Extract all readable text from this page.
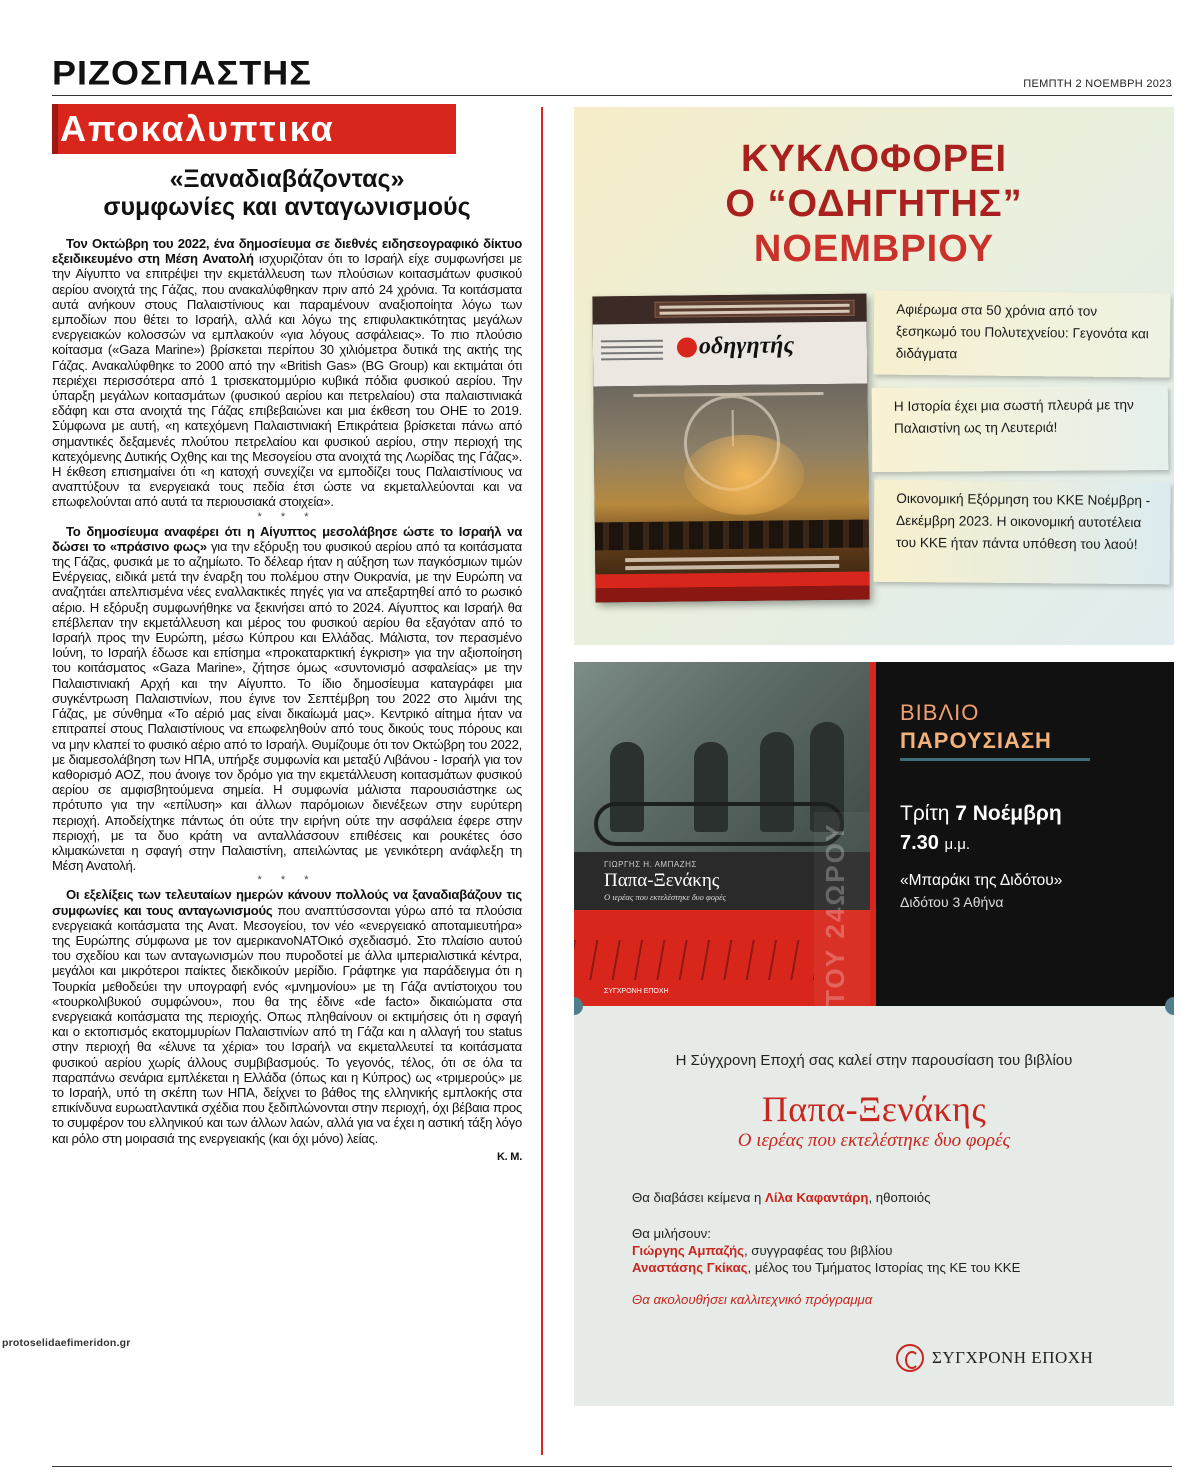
ΡΙΖΟΣΠΑΣΤΗΣ	ΠΕΜΠΤΗ 2 ΝΟΕΜΒΡΗ 2023
Αποκαλυπτικα
«Ξαναδιαβάζοντας»
συμφωνίες και ανταγωνισμούς

Τον Οκτώβρη του 2022, ένα δημοσίευμα σε διεθνές ειδησεογραφικό δίκτυο εξειδικευμένο στη Μέση Ανατολή ισχυριζόταν ότι το Ισραήλ είχε συμφωνήσει με την Αίγυπτο να επιτρέψει την εκμετάλλευση των πλούσιων κοιτασμάτων φυσικού αερίου ανοιχτά της Γάζας, που ανακαλύφθηκαν πριν από 24 χρόνια. Τα κοιτάσματα αυτά ανήκουν στους Παλαιστίνιους και παραμένουν αναξιοποίητα λόγω των εμποδίων που θέτει το Ισραήλ, αλλά και λόγω της επιφυλακτικότητας μεγάλων ενεργειακών κολοσσών να εμπλακούν «για λόγους ασφάλειας». Το πιο πλούσιο κοίτασμα («Gaza Marine») βρίσκεται περίπου 30 χιλιόμετρα δυτικά της ακτής της Γάζας. Ανακαλύφθηκε το 2000 από την «British Gas» (BG Group) και εκτιμάται ότι περιέχει περισσότερα από 1 τρισεκατομμύριο κυβικά πόδια φυσικού αερίου. Την ύπαρξη μεγάλων κοιτασμάτων (φυσικού αερίου και πετρελαίου) στα παλαιστινιακά εδάφη και στα ανοιχτά της Γάζας επιβεβαιώνει και μια έκθεση του ΟΗΕ το 2019. Σύμφωνα με αυτή, «η κατεχόμενη Παλαιστινιακή Επικράτεια βρίσκεται πάνω από σημαντικές δεξαμενές πλούτου πετρελαίου και φυσικού αερίου, στην περιοχή της κατεχόμενης Δυτικής Οχθης και της Μεσογείου στα ανοιχτά της Λωρίδας της Γάζας». Η έκθεση επισημαίνει ότι «η κατοχή συνεχίζει να εμποδίζει τους Παλαιστίνιους να αναπτύξουν τα ενεργειακά τους πεδία έτσι ώστε να εκμεταλλεύονται και να επωφελούνται από αυτά τα περιουσιακά στοιχεία».

* * *

Το δημοσίευμα αναφέρει ότι η Αίγυπτος μεσολάβησε ώστε το Ισραήλ να δώσει το «πράσινο φως» για την εξόρυξη του φυσικού αερίου από τα κοιτάσματα της Γάζας, φυσικά με το αζημίωτο. Το δέλεαρ ήταν η αύξηση των παγκόσμιων τιμών Ενέργειας, ειδικά μετά την έναρξη του πολέμου στην Ουκρανία, με την Ευρώπη να αναζητάει απελπισμένα νέες εναλλακτικές πηγές για να απεξαρτηθεί από το ρωσικό αέριο. Η εξόρυξη συμφωνήθηκε να ξεκινήσει από το 2024. Αίγυπτος και Ισραήλ θα επέβλεπαν την εκμετάλλευση και μέρος του φυσικού αερίου θα εξαγόταν από το Ισραήλ προς την Ευρώπη, μέσω Κύπρου και Ελλάδας. Μάλιστα, τον περασμένο Ιούνη, το Ισραήλ έδωσε και επίσημα «προκαταρκτική έγκριση» για την αξιοποίηση του κοιτάσματος «Gaza Marine», ζήτησε όμως «συντονισμό ασφαλείας» με την Παλαιστινιακή Αρχή και την Αίγυπτο. Το ίδιο δημοσίευμα καταγράφει μια συγκέντρωση Παλαιστινίων, που έγινε τον Σεπτέμβρη του 2022 στο λιμάνι της Γάζας, με σύνθημα «Το αέριό μας είναι δικαίωμά μας». Κεντρικό αίτημα ήταν να επιτραπεί στους Παλαιστίνιους να επωφεληθούν από τους δικούς τους πόρους και να μην κλαπεί το φυσικό αέριο από το Ισραήλ. Θυμίζουμε ότι τον Οκτώβρη του 2022, με διαμεσολάβηση των ΗΠΑ, υπήρξε συμφωνία και μεταξύ Λιβάνου - Ισραήλ για τον καθορισμό ΑΟΖ, που άνοιγε τον δρόμο για την εκμετάλλευση κοιτασμάτων φυσικού αερίου σε αμφισβητούμενα σημεία. Η συμφωνία μάλιστα παρουσιάστηκε ως πρότυπο για την «επίλυση» και άλλων παρόμοιων διενέξεων στην ευρύτερη περιοχή. Αποδείχτηκε πάντως ότι ούτε την ειρήνη ούτε την ασφάλεια έφερε στην περιοχή, με τα δυο κράτη να ανταλλάσσουν επιθέσεις και ρουκέτες όσο κλιμακώνεται η σφαγή στην Παλαιστίνη, απειλώντας με γενικότερη ανάφλεξη τη Μέση Ανατολή.

* * *

Οι εξελίξεις των τελευταίων ημερών κάνουν πολλούς να ξαναδιαβάζουν τις συμφωνίες και τους ανταγωνισμούς που αναπτύσσονται γύρω από τα πλούσια ενεργειακά κοιτάσματα της Ανατ. Μεσογείου, τον νέο «ενεργειακό αποταμιευτήρα» της Ευρώπης σύμφωνα με τον αμερικανοΝΑΤΟικό σχεδιασμό. Στο πλαίσιο αυτού του σχεδίου και των ανταγωνισμών που πυροδοτεί με άλλα ιμπεριαλιστικά κέντρα, μεγάλοι και μικρότεροι παίκτες διεκδικούν μερίδιο. Γράφτηκε για παράδειγμα ότι η Τουρκία μεθοδεύει την υπογραφή ενός «μνημονίου» με τη Γάζα αντίστοιχου του «τουρκολιβυκού συμφώνου», που θα της έδινε «de facto» δικαιώματα στα ενεργειακά κοιτάσματα της περιοχής. Οπως πληθαίνουν οι εκτιμήσεις ότι η σφαγή και ο εκτοπισμός εκατομμυρίων Παλαιστινίων από τη Γάζα και η αλλαγή του status στην περιοχή θα «έλυνε τα χέρια» του Ισραήλ να εκμεταλλευτεί τα κοιτάσματα φυσικού αερίου χωρίς άλλους συμβιβασμούς. Το γεγονός, τέλος, ότι σε όλα τα παραπάνω σενάρια εμπλέκεται η Ελλάδα (όπως και η Κύπρος) ως «τριμερούς» με το Ισραήλ, υπό τη σκέπη των ΗΠΑ, δείχνει το βάθος της ελληνικής εμπλοκής στα επικίνδυνα ευρωατλαντικά σχέδια που ξεδιπλώνονται στην περιοχή, όχι βέβαια προς το συμφέρον του ελληνικού και των άλλων λαών, αλλά για να έχει η αστική τάξη λόγο και ρόλο στη μοιρασιά της ενεργειακής (και όχι μόνο) λείας.

Κ. Μ.

protoselidaefimeridon.gr
ΚΥΚΛΟΦΟΡΕΙ
Ο “ΟΔΗΓΗΤΗΣ”
ΝΟΕΜΒΡΙΟΥ
οδηγητής
Αφιέρωμα στα 50 χρόνια από τον ξεσηκωμό του Πολυτεχνείου: Γεγονότα και διδάγματα
Η Ιστορία έχει μια σωστή πλευρά με την Παλαιστίνη ως τη Λευτεριά!
Οικονομική Εξόρμηση του ΚΚΕ Νοέμβρη - Δεκέμβρη 2023. Η οικονομική αυτοτέλεια του ΚΚΕ ήταν πάντα υπόθεση του λαού!
ΓΙΩΡΓΗΣ Η. ΑΜΠΑΖΗΣ
Παπα-Ξενάκης
Ο ιερέας που εκτελέστηκε δυο φορές
ΣΥΓΧΡΟΝΗ ΕΠΟΧΗ	ΤΟΥ 24ΩΡΟΥ
ΒΙΒΛΙΟ
ΠΑΡΟΥΣΙΑΣΗ
Τρίτη 7 Νοέμβρη
7.30 μ.μ.
«Μπαράκι της Διδότου»
Διδότου 3 Αθήνα
Η Σύγχρονη Εποχή σας καλεί στην παρουσίαση του βιβλίου
Παπα-Ξενάκης
Ο ιερέας που εκτελέστηκε δυο φορές
Θα διαβάσει κείμενα η Λίλα Καφαντάρη, ηθοποιός
Θα μιλήσουν:
Γιώργης Αμπαζής, συγγραφέας του βιβλίου
Αναστάσης Γκίκας, μέλος του Τμήματος Ιστορίας της ΚΕ του ΚΚΕ
Θα ακολουθήσει καλλιτεχνικό πρόγραμμα
ΣΥΓΧΡΟΝΗ ΕΠΟΧΗ
